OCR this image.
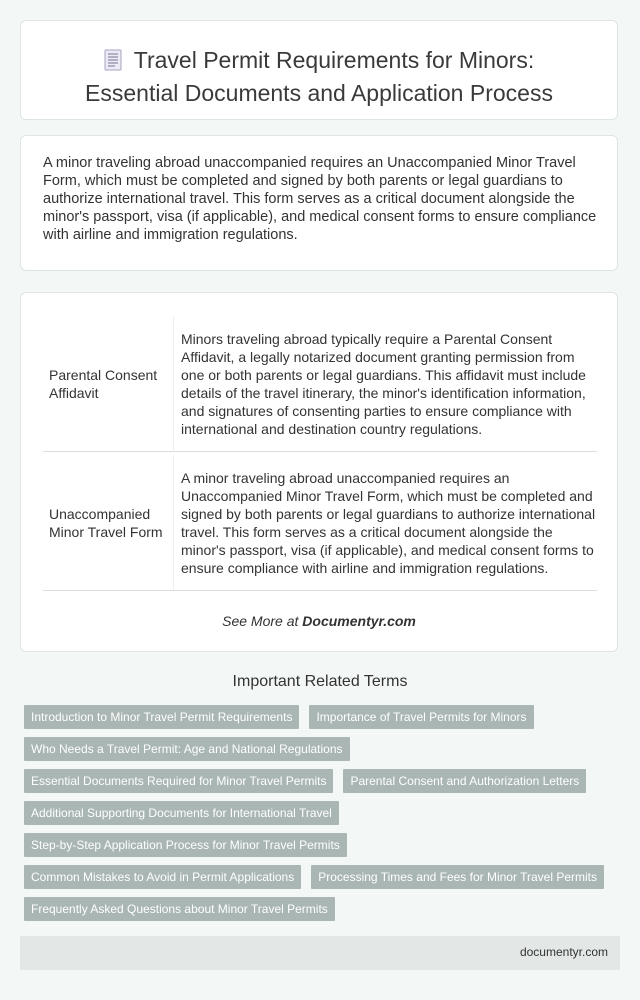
Travel Permit Requirements for Minors:
Essential Documents and Application Process
A minor traveling abroad unaccompanied requires an Unaccompanied Minor Travel Form, which must be completed and signed by both parents or legal guardians to authorize international travel. This form serves as a critical document alongside the minor's passport, visa (if applicable), and medical consent forms to ensure compliance with airline and immigration regulations.
Parental Consent Affidavit
Minors traveling abroad typically require a Parental Consent Affidavit, a legally notarized document granting permission from one or both parents or legal guardians. This affidavit must include details of the travel itinerary, the minor's identification information, and signatures of consenting parties to ensure compliance with international and destination country regulations.
Unaccompanied Minor Travel Form
A minor traveling abroad unaccompanied requires an Unaccompanied Minor Travel Form, which must be completed and signed by both parents or legal guardians to authorize international travel. This form serves as a critical document alongside the minor's passport, visa (if applicable), and medical consent forms to ensure compliance with airline and immigration regulations.
See More at Documentyr.com
Important Related Terms
Introduction to Minor Travel Permit Requirements	Importance of Travel Permits for Minors
Who Needs a Travel Permit: Age and National Regulations
Essential Documents Required for Minor Travel Permits	Parental Consent and Authorization Letters
Additional Supporting Documents for International Travel
Step-by-Step Application Process for Minor Travel Permits
Common Mistakes to Avoid in Permit Applications	Processing Times and Fees for Minor Travel Permits
Frequently Asked Questions about Minor Travel Permits
documentyr.com
